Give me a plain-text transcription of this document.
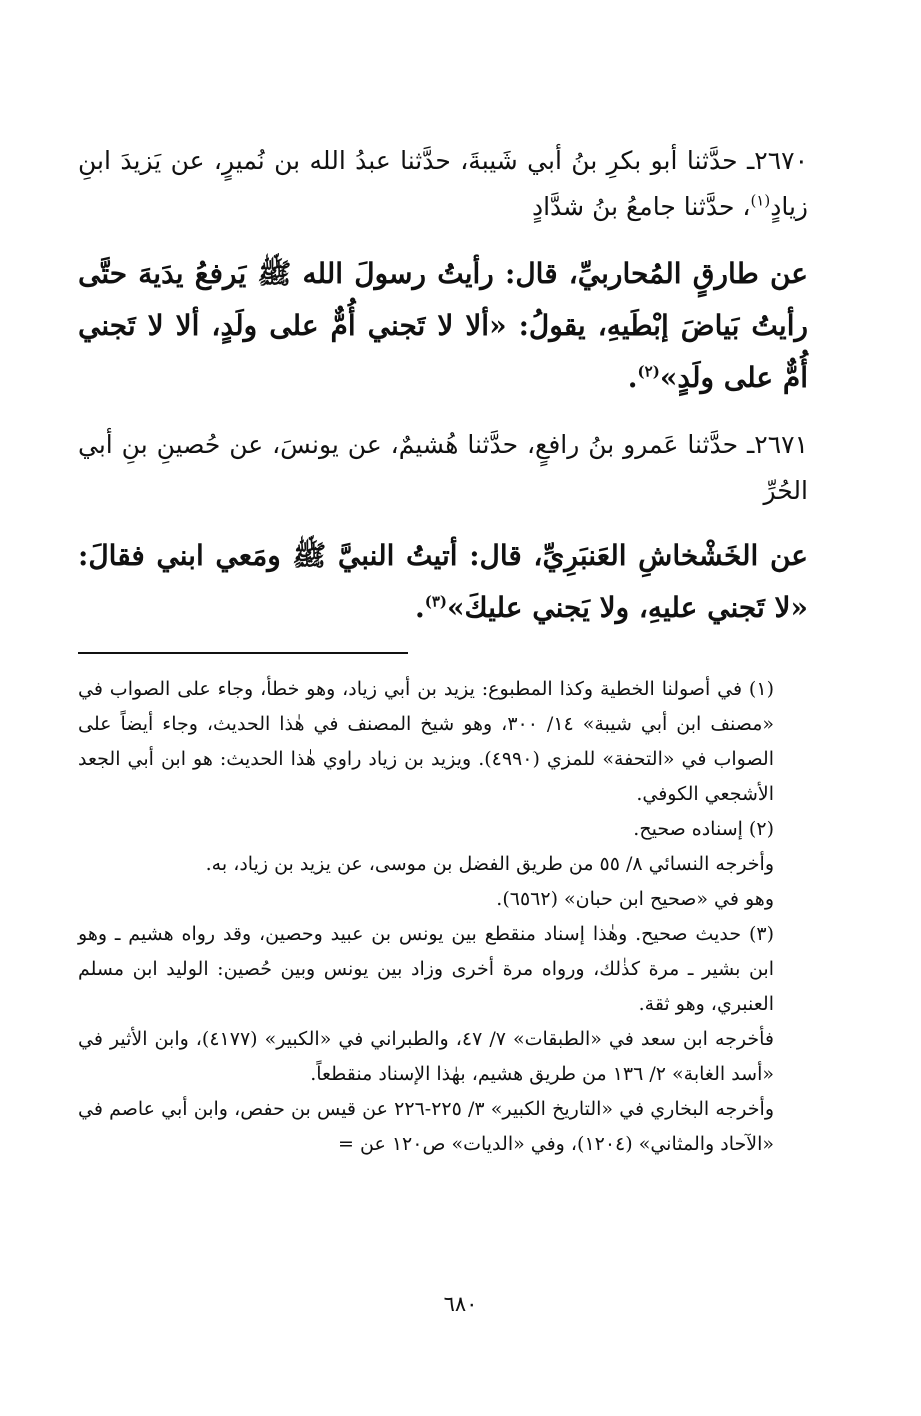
٢٦٧٠ـ حدَّثنا أبو بكرِ بنُ أبي شَيبةَ، حدَّثنا عبدُ الله بن نُميرٍ، عن يَزيدَ ابنِ زيادٍ$^{(١)}$، حدَّثنا جامعُ بنُ شدَّادٍ

عن طارقٍ المُحاربيِّ، قال: رأيتُ رسولَ الله ﷺ يَرفعُ يدَيهَ حتَّى رأيتُ بَياضَ إبْطَيهِ، يقولُ: «ألا لا تَجني أُمٌّ على ولَدٍ، ألا لا تَجني أُمٌّ على ولَدٍ»$^{(٢)}$.

٢٦٧١ـ حدَّثنا عَمرو بنُ رافعٍ، حدَّثنا هُشيمٌ، عن يونسَ، عن حُصينِ بنِ أبي الحُرِّ

عن الخَشْخاشِ العَنبَرِيِّ، قال: أتيتُ النبيَّ ﷺ ومَعي ابني فقالَ: «لا تَجني عليهِ، ولا يَجني عليكَ»$^{(٣)}$.

(١) في أصولنا الخطية وكذا المطبوع: يزيد بن أبي زياد، وهو خطأ، وجاء على الصواب في «مصنف ابن أبي شيبة» ١٤/ ٣٠٠، وهو شيخ المصنف في هٰذا الحديث، وجاء أيضاً على الصواب في «التحفة» للمزي (٤٩٩٠). ويزيد بن زياد راوي هٰذا الحديث: هو ابن أبي الجعد الأشجعي الكوفي.

(٢) إسناده صحيح.

وأخرجه النسائي ٨/ ٥٥ من طريق الفضل بن موسى، عن يزيد بن زياد، به.

وهو في «صحيح ابن حبان» (٦٥٦٢).

(٣) حديث صحيح. وهٰذا إسناد منقطع بين يونس بن عبيد وحصين، وقد رواه هشيم ـ وهو ابن بشير ـ مرة كذٰلك، ورواه مرة أخرى وزاد بين يونس وبين حُصين: الوليد ابن مسلم العنبري، وهو ثقة.

فأخرجه ابن سعد في «الطبقات» ٧/ ٤٧، والطبراني في «الكبير» (٤١٧٧)، وابن الأثير في «أسد الغابة» ٢/ ١٣٦ من طريق هشيم، بهٰذا الإسناد منقطعاً.

وأخرجه البخاري في «التاريخ الكبير» ٣/ ٢٢٥-٢٢٦ عن قيس بن حفص، وابن أبي عاصم في «الآحاد والمثاني» (١٢٠٤)، وفي «الديات» ص١٢٠ عن =

٦٨٠
